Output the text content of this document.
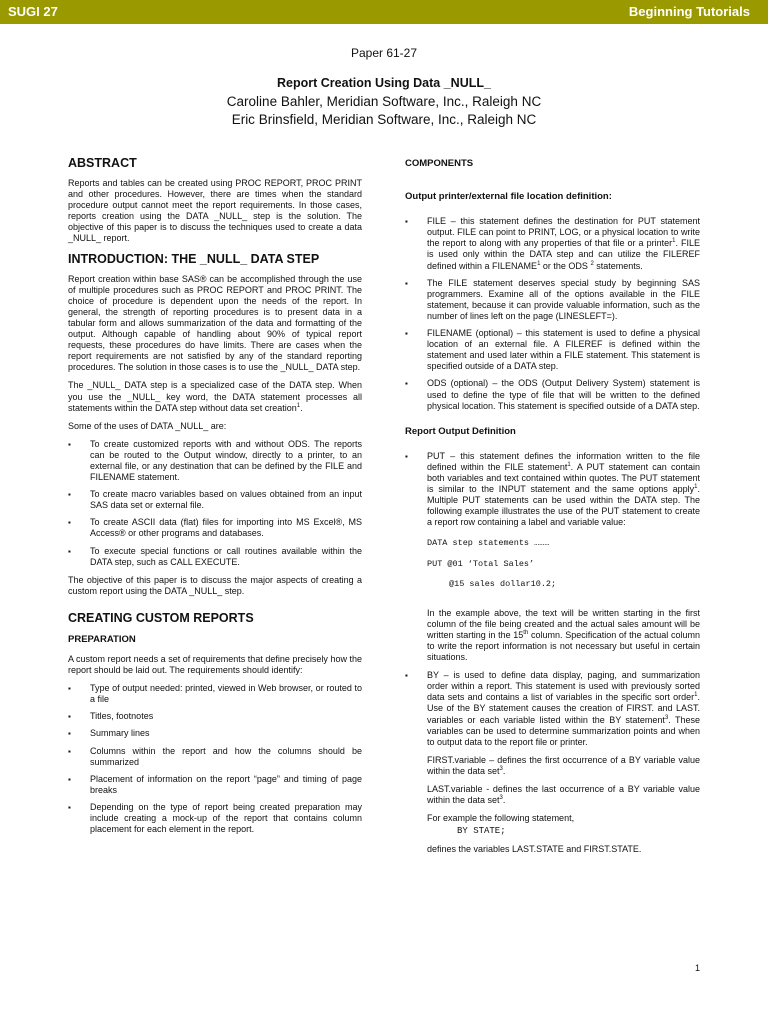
SUGI 27	Beginning Tutorials
Paper 61-27
Report Creation Using Data _NULL_
Caroline Bahler, Meridian Software, Inc., Raleigh NC
Eric Brinsfield, Meridian Software, Inc., Raleigh NC
ABSTRACT

Reports and tables can be created using PROC REPORT, PROC PRINT and other procedures. However, there are times when the standard procedure output cannot meet the report requirements. In those cases, reports creation using the DATA _NULL_ step is the solution. The objective of this paper is to discuss the techniques used to create a data _NULL_ report.

INTRODUCTION: THE _NULL_ DATA STEP

Report creation within base SAS® can be accomplished through the use of multiple procedures such as PROC REPORT and PROC PRINT. The choice of procedure is dependent upon the needs of the report. In general, the strength of reporting procedures is to present data in a tabular form and allows summarization of the data and formatting of the output. Although capable of handling about 90% of typical report requests, these procedures do have limits. There are cases when the report requirements are not satisfied by any of the standard reporting procedures. The solution in those cases is to use the _NULL_ DATA step.

The _NULL_ DATA step is a specialized case of the DATA step. When you use the _NULL_ key word, the DATA statement processes all statements within the DATA step without data set creation$^1$.

Some of the uses of DATA _NULL_ are:

▪ To create customized reports with and without ODS. The reports can be routed to the Output window, directly to a printer, to an external file, or any destination that can be defined by the FILE and FILENAME statement.
▪ To create macro variables based on values obtained from an input SAS data set or external file.
▪ To create ASCII data (flat) files for importing into MS Excel®, MS Access® or other programs and databases.
▪ To execute special functions or call routines available within the DATA step, such as CALL EXECUTE.

The objective of this paper is to discuss the major aspects of creating a custom report using the DATA _NULL_ step.

CREATING CUSTOM REPORTS
PREPARATION

A custom report needs a set of requirements that define precisely how the report should be laid out. The requirements should identify:

▪ Type of output needed: printed, viewed in Web browser, or routed to a file
▪ Titles, footnotes
▪ Summary lines
▪ Columns within the report and how the columns should be summarized
▪ Placement of information on the report “page” and timing of page breaks
▪ Depending on the type of report being created preparation may include creating a mock-up of the report that contains column placement for each element in the report.
COMPONENTS
Output printer/external file location definition:
▪ FILE – this statement defines the destination for PUT statement output. FILE can point to PRINT, LOG, or a physical location to write the report to along with any properties of that file or a printer$^1$. FILE is used only within the DATA step and can utilize the FILEREF defined within a FILENAME$^1$ or the ODS $^2$ statements.
▪ The FILE statement deserves special study by beginning SAS programmers. Examine all of the options available in the FILE statement, because it can provide valuable information, such as the number of lines left on the page (LINESLEFT=).
▪ FILENAME (optional) – this statement is used to define a physical location of an external file. A FILEREF is defined within the statement and used later within a FILE statement. This statement is specified outside of a DATA step.
▪ ODS (optional) – the ODS (Output Delivery System) statement is used to define the type of file that will be written to the defined physical location. This statement is specified outside of a DATA step.
Report Output Definition
▪ PUT – this statement defines the information written to the file defined within the FILE statement$^1$. A PUT statement can contain both variables and text contained within quotes. The PUT statement is similar to the INPUT statement and the same options apply$^1$. Multiple PUT statements can be used within the DATA step. The following example illustrates the use of the PUT statement to create a report row containing a label and variable value:
DATA step statements ………
PUT @01 ‘Total Sales’
@15 sales dollar10.2;

In the example above, the text will be written starting in the first column of the file being created and the actual sales amount will be written starting in the 15th column. Specification of the actual column to write the report information is not necessary but useful in certain situations.

▪ BY – is used to define data display, paging, and summarization order within a report. This statement is used with previously sorted data sets and contains a list of variables in the specific sort order$^1$. Use of the BY statement causes the creation of FIRST. and LAST. variables or each variable listed within the BY statement$^3$. These variables can be used to determine summarization points and when to output data to the report file or printer.

FIRST.variable – defines the first occurrence of a BY variable value within the data set$^3$.

LAST.variable - defines the last occurrence of a BY variable value within the data set$^3$.

For example the following statement,

BY STATE;

defines the variables LAST.STATE and FIRST.STATE.

1
